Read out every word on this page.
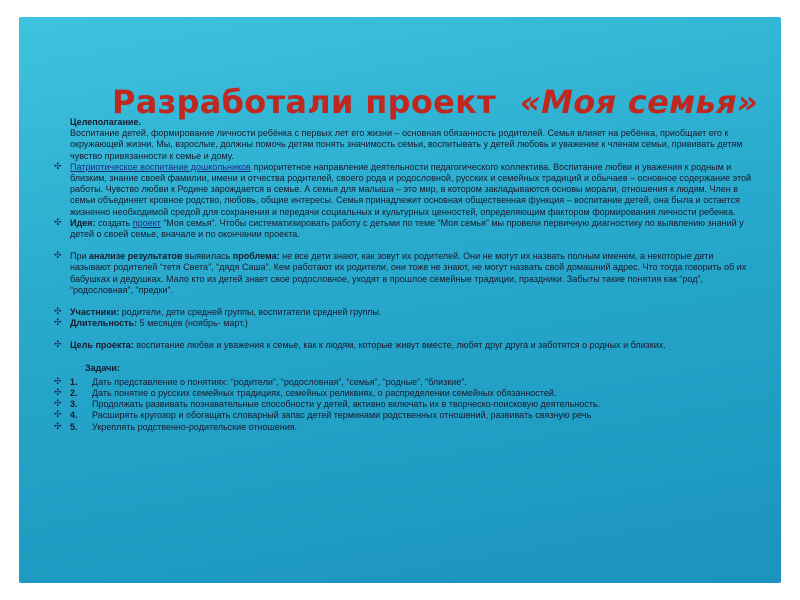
Разработали проект «Моя семья»

Целеполагание.

Воспитание детей, формирование личности ребёнка с первых лет его жизни – основная обязанность родителей. Семья влияет на ребёнка, приобщает его к окружающей жизни. Мы, взрослые, должны помочь детям понять значимость семьи, воспитывать у детей любовь и уважение к членам семьи, прививать детям чувство привязанности к семье и дому.

✣ Патриотическое воспитание дошкольников приоритетное направление деятельности педагогического коллектива. Воспитание любви и уважения к родным и близким, знание своей фамилии, имени и отчества родителей, своего рода и родословной, русских и семейных традиций и обычаев – основное содержание этой работы. Чувство любви к Родине зарождается в семье. А семья для малыша – это мир, в котором закладываются основы морали, отношения к людям. Член в семьи объединяет кровное родство, любовь, общие интересы. Семья принадлежит основная общественная функция – воспитание детей, она была и остается жизненно необходимой средой для сохранения и передачи социальных и культурных ценностей, определяющим фактором формирования личности ребенка.

✣ Идея: создать проект “Моя семья”. Чтобы систематизировать работу с детьми по теме “Моя семья” мы провели первичную диагностику по выявлению знаний у детей о своей семье, вначале и по окончании проекта.

✣ При анализе результатов выявилась проблема: не все дети знают, как зовут их родителей. Они не могут их назвать полным именем, а некоторые дети называют родителей “тетя Света”, “дядя Саша”. Кем работают их родители, они тоже не знают, не могут назвать свой домашний адрес. Что тогда говорить об их бабушках и дедушках. Мало кто из детей знает свое родословное, уходят в прошлое семейные традиции, праздники. Забыты такие понятия как “род”, “родословная”, “предки”.

✣ Участники: родители, дети средней группы, воспитатели средней группы.

✣ Длительность: 5 месяцев (ноябрь- март.)

✣ Цель проекта: воспитание любви и уважения к семье, как к людям, которые живут вместе, любят друг друга и заботятся о родных и близких.

Задачи:

✣ 1. Дать представление о понятиях: “родители”, “родословная”, “семья”, “родные”, “близкие”.

✣ 2. Дать понятие о русских семейных традициях, семейных реликвиях, о распределении семейных обязанностей.

✣ 3. Продолжать развивать познавательные способности у детей, активно включать их в творческо-поисковую деятельность.

✣ 4. Расширять кругозор и обогащать словарный запас детей терминами родственных отношений, развивать связную речь

✣ 5. Укреплять родственно-родительские отношения.
